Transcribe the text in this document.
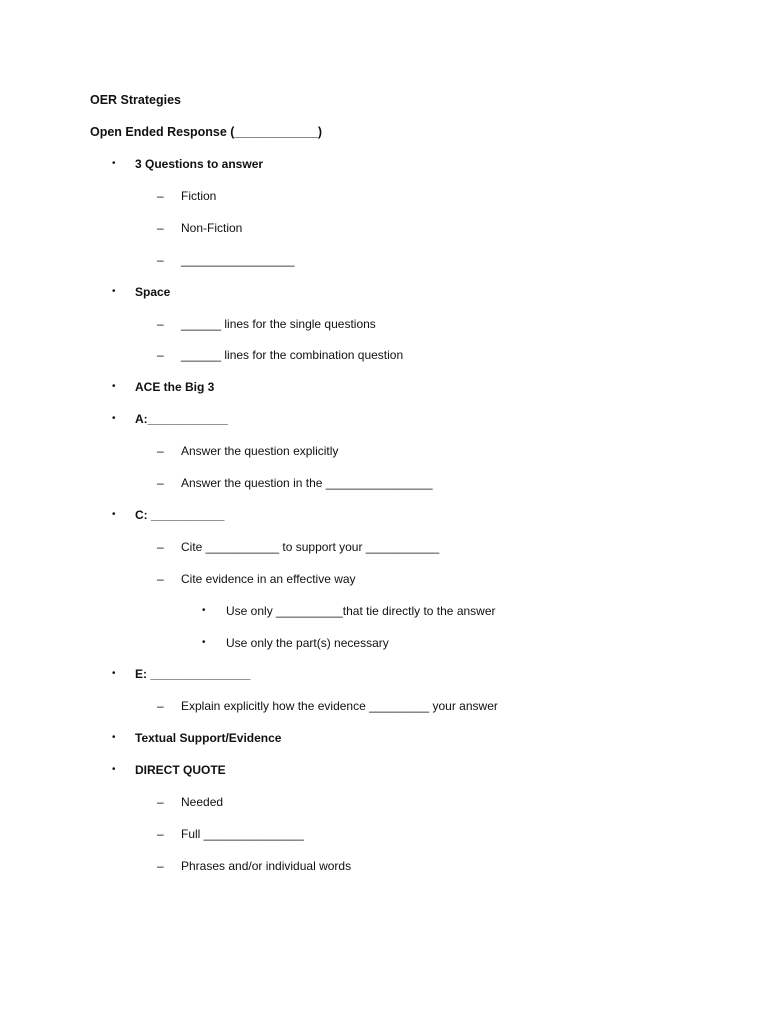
OER Strategies
Open Ended Response (____________)
• 3 Questions to answer
– Fiction
– Non-Fiction
– _________________
• Space
– ______ lines for the single questions
– ______ lines for the combination question
• ACE the Big 3
• A:____________
– Answer the question explicitly
– Answer the question in the ________________
• C: ___________
– Cite ___________ to support your ___________
– Cite evidence in an effective way
• Use only __________that tie directly to the answer
• Use only the part(s) necessary
• E: _______________
– Explain explicitly how the evidence _________ your answer
• Textual Support/Evidence
• DIRECT QUOTE
– Needed
– Full _______________
– Phrases and/or individual words
